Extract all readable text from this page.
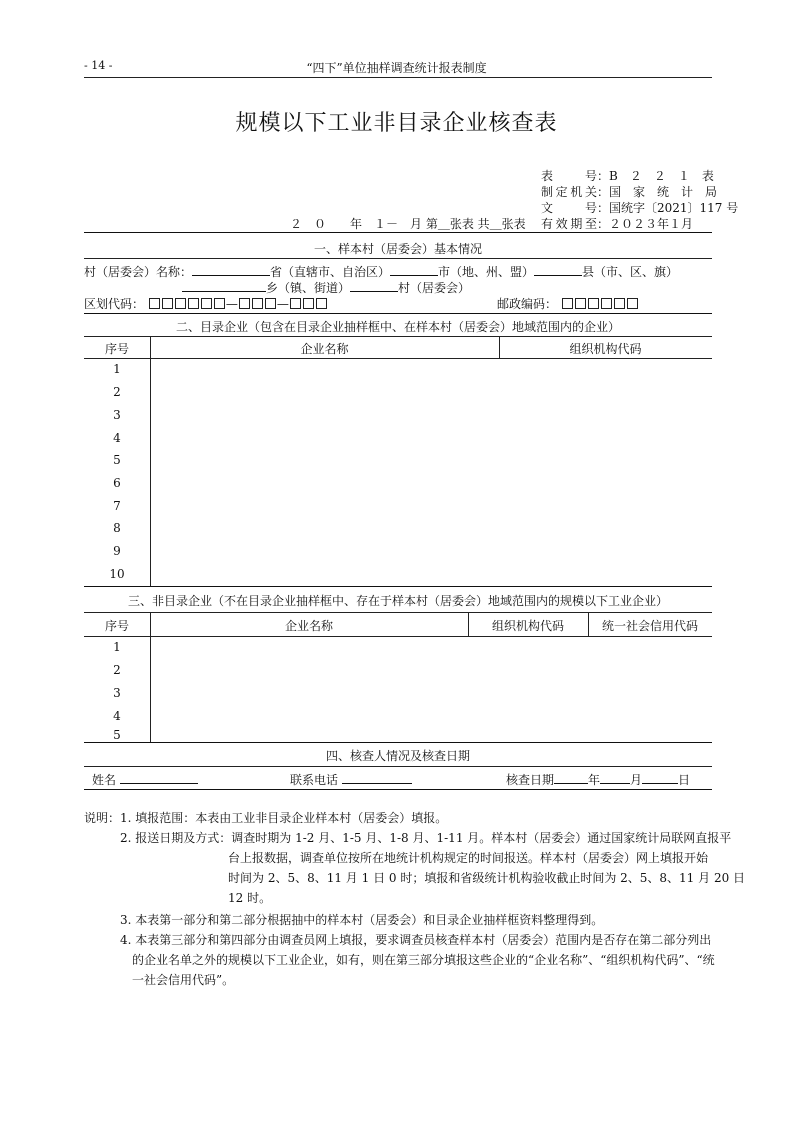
- 14 -	“四下”单位抽样调查统计报表制度
规模以下工业非目录企业核查表
表号：B　２　２　１　表
制定机关：国　家　统　计　局
文号：国统字〔2021〕117 号
有效期至：２０２３年１月
２　０　　年　１－　月 第＿张表 共＿张表
一、样本村（居委会）基本情况
村（居委会）名称：	省（直辖市、自治区）	市（地、州、盟）	县（市、区、旗）
乡（镇、街道）	村（居委会）
区划代码：	—	—	邮政编码：
二、目录企业（包含在目录企业抽样框中、在样本村（居委会）地域范围内的企业）
序号	企业名称	组织机构代码
1
2
3
4
5
6
7
8
9
10
三、非目录企业（不在目录企业抽样框中、存在于样本村（居委会）地域范围内的规模以下工业企业）
序号	企业名称	组织机构代码	统一社会信用代码
1
2
3
4
5
四、核查人情况及核查日期
姓名	联系电话	核查日期	年	月	日
说明： 1. 填报范围：本表由工业非目录企业样本村（居委会）填报。
2. 报送日期及方式：调查时期为 1-2 月、1-5 月、1-8 月、1-11 月。样本村（居委会）通过国家统计局联网直报平
台上报数据，调查单位按所在地统计机构规定的时间报送。样本村（居委会）网上填报开始
时间为 2、5、8、11 月 1 日 0 时；填报和省级统计机构验收截止时间为 2、5、8、11 月 20 日
12 时。
3. 本表第一部分和第二部分根据抽中的样本村（居委会）和目录企业抽样框资料整理得到。
4. 本表第三部分和第四部分由调查员网上填报，要求调查员核查样本村（居委会）范围内是否存在第二部分列出
的企业名单之外的规模以下工业企业，如有，则在第三部分填报这些企业的“企业名称”、“组织机构代码”、“统
一社会信用代码”。
